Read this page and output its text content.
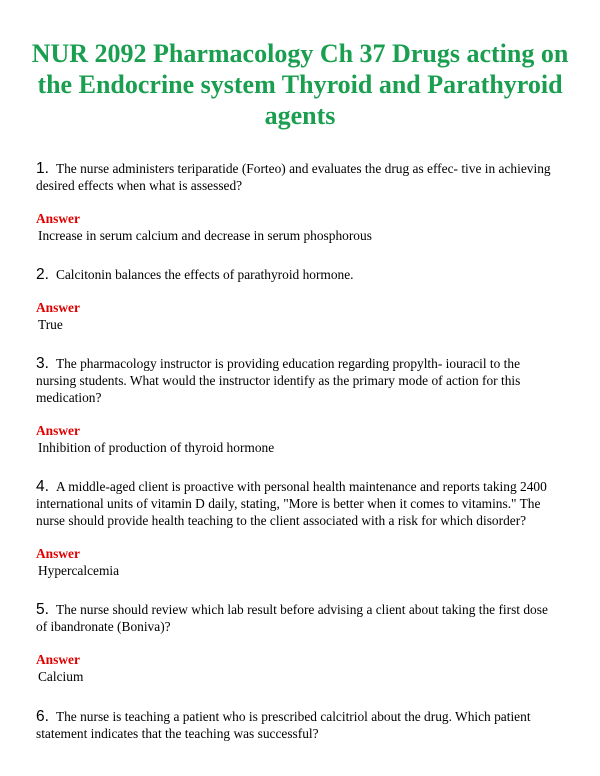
NUR 2092 Pharmacology Ch 37 Drugs acting on the Endocrine system Thyroid and Parathyroid agents

1. The nurse administers teriparatide (Forteo) and evaluates the drug as effec- tive in achieving desired effects when what is assessed?

Answer

Increase in serum calcium and decrease in serum phosphorous

2. Calcitonin balances the effects of parathyroid hormone.

Answer

True

3. The pharmacology instructor is providing education regarding propylth- iouracil to the nursing students. What would the instructor identify as the primary mode of action for this medication?

Answer

Inhibition of production of thyroid hormone

4. A middle-aged client is proactive with personal health maintenance and reports taking 2400 international units of vitamin D daily, stating, "More is better when it comes to vitamins." The nurse should provide health teaching to the client associated with a risk for which disorder?

Answer

Hypercalcemia

5. The nurse should review which lab result before advising a client about taking the first dose of ibandronate (Boniva)?

Answer

Calcium

6. The nurse is teaching a patient who is prescribed calcitriol about the drug. Which patient statement indicates that the teaching was successful?
